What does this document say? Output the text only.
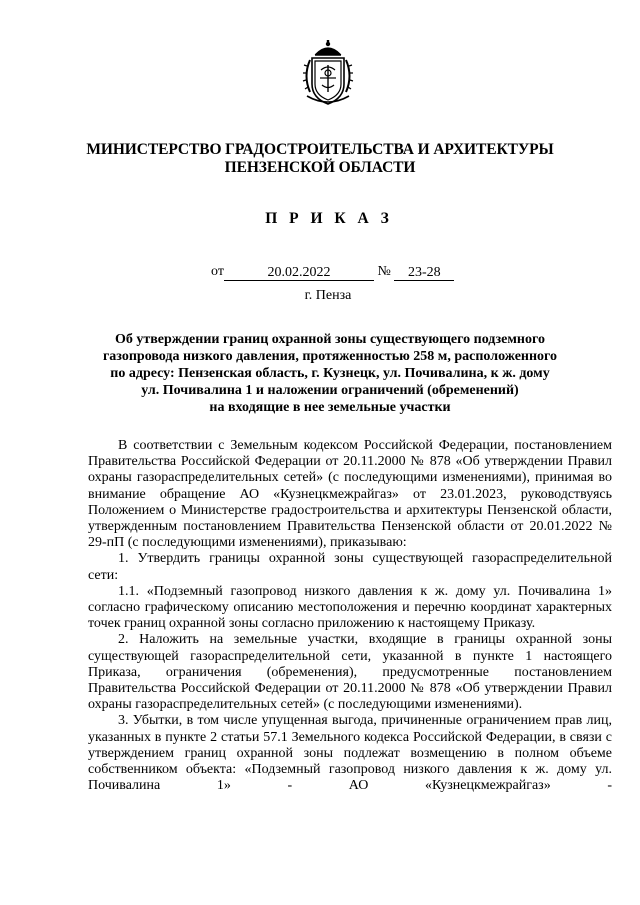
МИНИСТЕРСТВО ГРАДОСТРОИТЕЛЬСТВА И АРХИТЕКТУРЫ
ПЕНЗЕНСКОЙ ОБЛАСТИ
П Р И К А З
от	20.02.2022	№ 23-28
г. Пенза
Об утверждении границ охранной зоны существующего подземного
газопровода низкого давления, протяженностью 258 м, расположенного
по адресу: Пензенская область, г. Кузнецк, ул. Почивалина, к ж. дому
ул. Почивалина 1 и наложении ограничений (обременений)
на входящие в нее земельные участки

В соответствии с Земельным кодексом Российской Федерации, постановлением Правительства Российской Федерации от 20.11.2000 № 878 «Об утверждении Правил охраны газораспределительных сетей» (с последующими изменениями), принимая во внимание обращение АО «Кузнецкмежрайгаз» от 23.01.2023, руководствуясь Положением о Министерстве градостроительства и архитектуры Пензенской области, утвержденным постановлением Правительства Пензенской области от 20.01.2022 № 29-пП (с последующими изменениями), приказываю:

1. Утвердить границы охранной зоны существующей газораспределительной сети:

1.1. «Подземный газопровод низкого давления к ж. дому ул. Почивалина 1» согласно графическому описанию местоположения и перечню координат характерных точек границ охранной зоны согласно приложению к настоящему Приказу.

2. Наложить на земельные участки, входящие в границы охранной зоны существующей газораспределительной сети, указанной в пункте 1 настоящего Приказа, ограничения (обременения), предусмотренные постановлением Правительства Российской Федерации от 20.11.2000 № 878 «Об утверждении Правил охраны газораспределительных сетей» (с последующими изменениями).

3. Убытки, в том числе упущенная выгода, причиненные ограничением прав лиц, указанных в пункте 2 статьи 57.1 Земельного кодекса Российской Федерации, в связи с утверждением границ охранной зоны подлежат возмещению в полном объеме собственником объекта: «Подземный газопровод низкого давления к ж. дому ул. Почивалина 1» - АО «Кузнецкмежрайгаз» -
